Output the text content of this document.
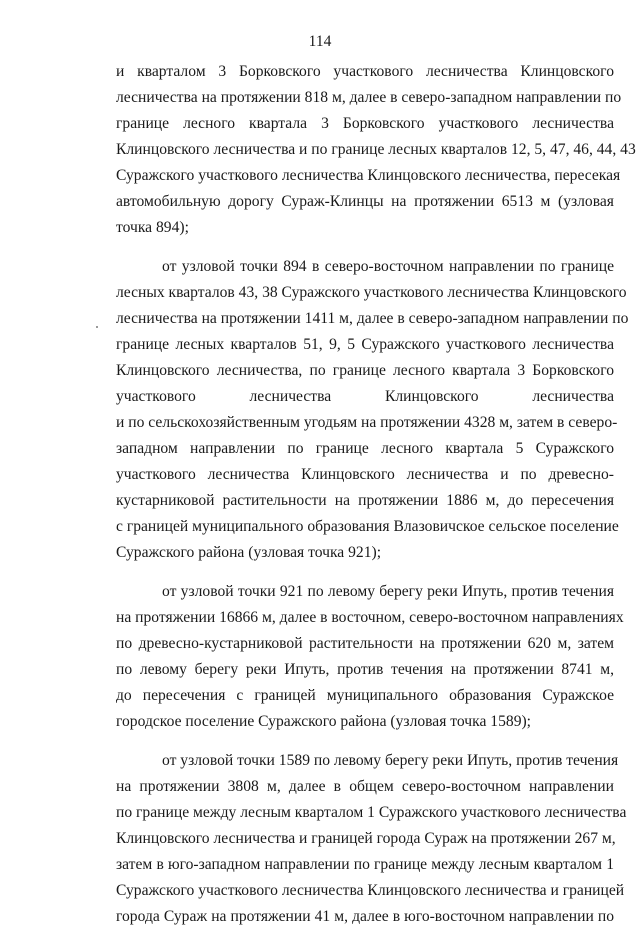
114
и кварталом 3 Борковского участкового лесничества Клинцовского
лесничества на протяжении 818 м, далее в северо-западном направлении по
границе лесного квартала 3 Борковского участкового лесничества
Клинцовского лесничества и по границе лесных кварталов 12, 5, 47, 46, 44, 43
Суражского участкового лесничества Клинцовского лесничества, пересекая
автомобильную дорогу Сураж-Клинцы на протяжении 6513 м (узловая
точка 894);
от узловой точки 894 в северо-восточном направлении по границе
лесных кварталов 43, 38 Суражского участкового лесничества Клинцовского
лесничества на протяжении 1411 м, далее в северо-западном направлении по
границе лесных кварталов 51, 9, 5 Суражского участкового лесничества
Клинцовского лесничества, по границе лесного квартала 3 Борковского
участкового лесничества Клинцовского лесничества
и по сельскохозяйственным угодьям на протяжении 4328 м, затем в северо-
западном направлении по границе лесного квартала 5 Суражского
участкового лесничества Клинцовского лесничества и по древесно-
кустарниковой растительности на протяжении 1886 м, до пересечения
с границей муниципального образования Влазовичское сельское поселение
Суражского района (узловая точка 921);
от узловой точки 921 по левому берегу реки Ипуть, против течения
на протяжении 16866 м, далее в восточном, северо-восточном направлениях
по древесно-кустарниковой растительности на протяжении 620 м, затем
по левому берегу реки Ипуть, против течения на протяжении 8741 м,
до пересечения с границей муниципального образования Суражское
городское поселение Суражского района (узловая точка 1589);
от узловой точки 1589 по левому берегу реки Ипуть, против течения
на протяжении 3808 м, далее в общем северо-восточном направлении
по границе между лесным кварталом 1 Суражского участкового лесничества
Клинцовского лесничества и границей города Сураж на протяжении 267 м,
затем в юго-западном направлении по границе между лесным кварталом 1
Суражского участкового лесничества Клинцовского лесничества и границей
города Сураж на протяжении 41 м, далее в юго-восточном направлении по
